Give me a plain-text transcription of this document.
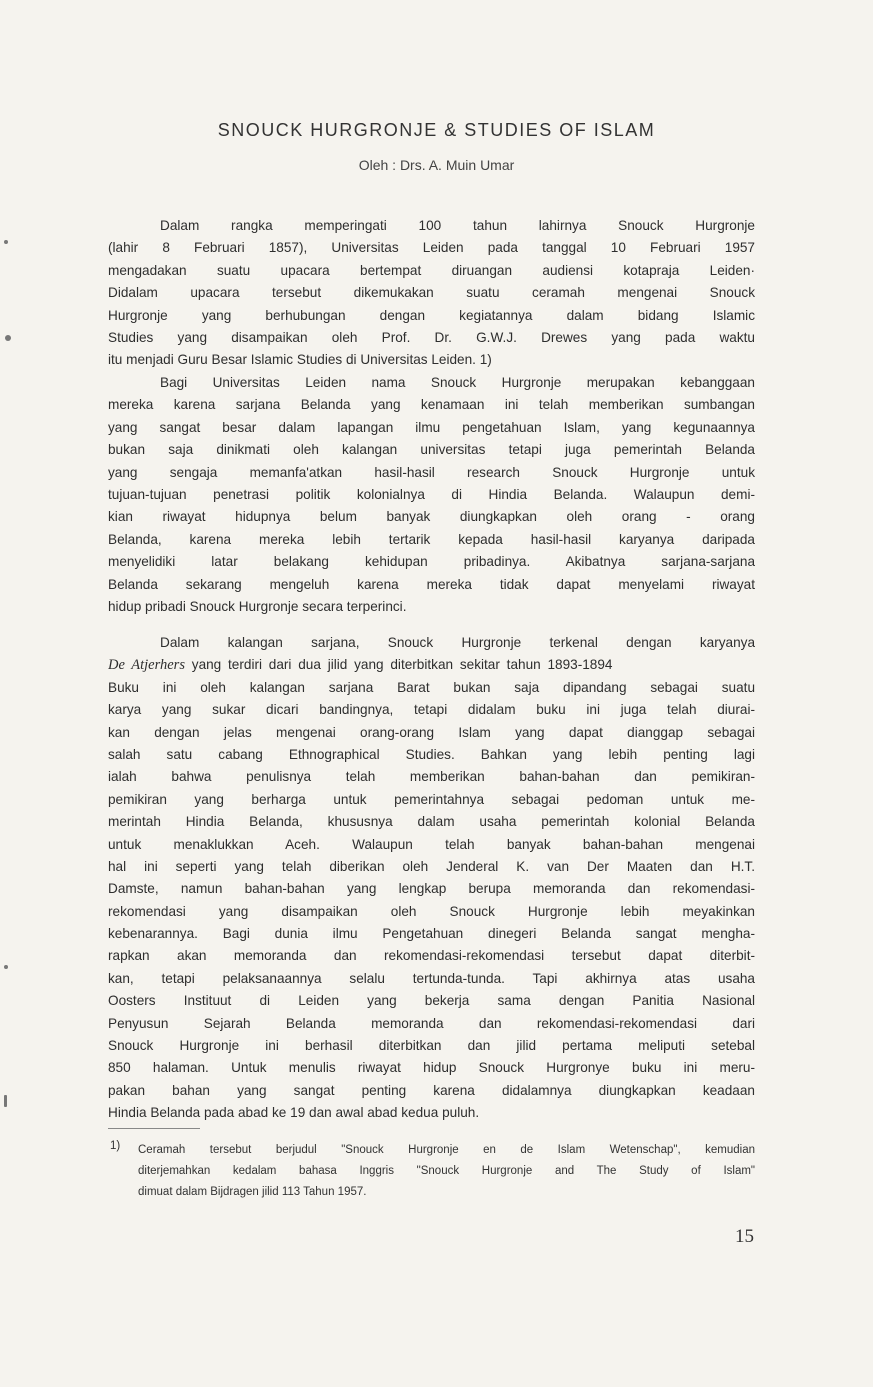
SNOUCK HURGRONJE & STUDIES OF ISLAM
Oleh : Drs. A. Muin Umar
Dalam rangka memperingati 100 tahun lahirnya Snouck Hurgronje
(lahir 8 Februari 1857), Universitas Leiden pada tanggal 10 Februari 1957
mengadakan suatu upacara bertempat diruangan audiensi kotapraja Leiden·
Didalam upacara tersebut dikemukakan suatu ceramah mengenai Snouck
Hurgronje yang berhubungan dengan kegiatannya dalam bidang Islamic
Studies yang disampaikan oleh Prof. Dr. G.W.J. Drewes yang pada waktu
itu menjadi Guru Besar Islamic Studies di Universitas Leiden. 1)
Bagi Universitas Leiden nama Snouck Hurgronje merupakan kebanggaan
mereka karena sarjana Belanda yang kenamaan ini telah memberikan sumbangan
yang sangat besar dalam lapangan ilmu pengetahuan Islam, yang kegunaannya
bukan saja dinikmati oleh kalangan universitas tetapi juga pemerintah Belanda
yang sengaja memanfa'atkan hasil-hasil research Snouck Hurgronje untuk
tujuan-tujuan penetrasi politik kolonialnya di Hindia Belanda. Walaupun demi-
kian riwayat hidupnya belum banyak diungkapkan oleh orang - orang
Belanda, karena mereka lebih tertarik kepada hasil-hasil karyanya daripada
menyelidiki latar belakang kehidupan pribadinya. Akibatnya sarjana-sarjana
Belanda sekarang mengeluh karena mereka tidak dapat menyelami riwayat
hidup pribadi Snouck Hurgronje secara terperinci.
Dalam kalangan sarjana, Snouck Hurgronje terkenal dengan karyanya
De Atjerhers yang terdiri dari dua jilid yang diterbitkan sekitar tahun 1893-1894
Buku ini oleh kalangan sarjana Barat bukan saja dipandang sebagai suatu
karya yang sukar dicari bandingnya, tetapi didalam buku ini juga telah diurai-
kan dengan jelas mengenai orang-orang Islam yang dapat dianggap sebagai
salah satu cabang Ethnographical Studies. Bahkan yang lebih penting lagi
ialah bahwa penulisnya telah memberikan bahan-bahan dan pemikiran-
pemikiran yang berharga untuk pemerintahnya sebagai pedoman untuk me-
merintah Hindia Belanda, khususnya dalam usaha pemerintah kolonial Belanda
untuk menaklukkan Aceh. Walaupun telah banyak bahan-bahan mengenai
hal ini seperti yang telah diberikan oleh Jenderal K. van Der Maaten dan H.T.
Damste, namun bahan-bahan yang lengkap berupa memoranda dan rekomendasi-
rekomendasi yang disampaikan oleh Snouck Hurgronje lebih meyakinkan
kebenarannya. Bagi dunia ilmu Pengetahuan dinegeri Belanda sangat mengha-
rapkan akan memoranda dan rekomendasi-rekomendasi tersebut dapat diterbit-
kan, tetapi pelaksanaannya selalu tertunda-tunda. Tapi akhirnya atas usaha
Oosters Instituut di Leiden yang bekerja sama dengan Panitia Nasional
Penyusun Sejarah Belanda memoranda dan rekomendasi-rekomendasi dari
Snouck Hurgronje ini berhasil diterbitkan dan jilid pertama meliputi setebal
850 halaman. Untuk menulis riwayat hidup Snouck Hurgronye buku ini meru-
pakan bahan yang sangat penting karena didalamnya diungkapkan keadaan
Hindia Belanda pada abad ke 19 dan awal abad kedua puluh.
1) Ceramah tersebut berjudul "Snouck Hurgronje en de Islam Wetenschap", kemudian
diterjemahkan kedalam bahasa Inggris "Snouck Hurgronje and The Study of Islam"
dimuat dalam Bijdragen jilid 113 Tahun 1957.
15
